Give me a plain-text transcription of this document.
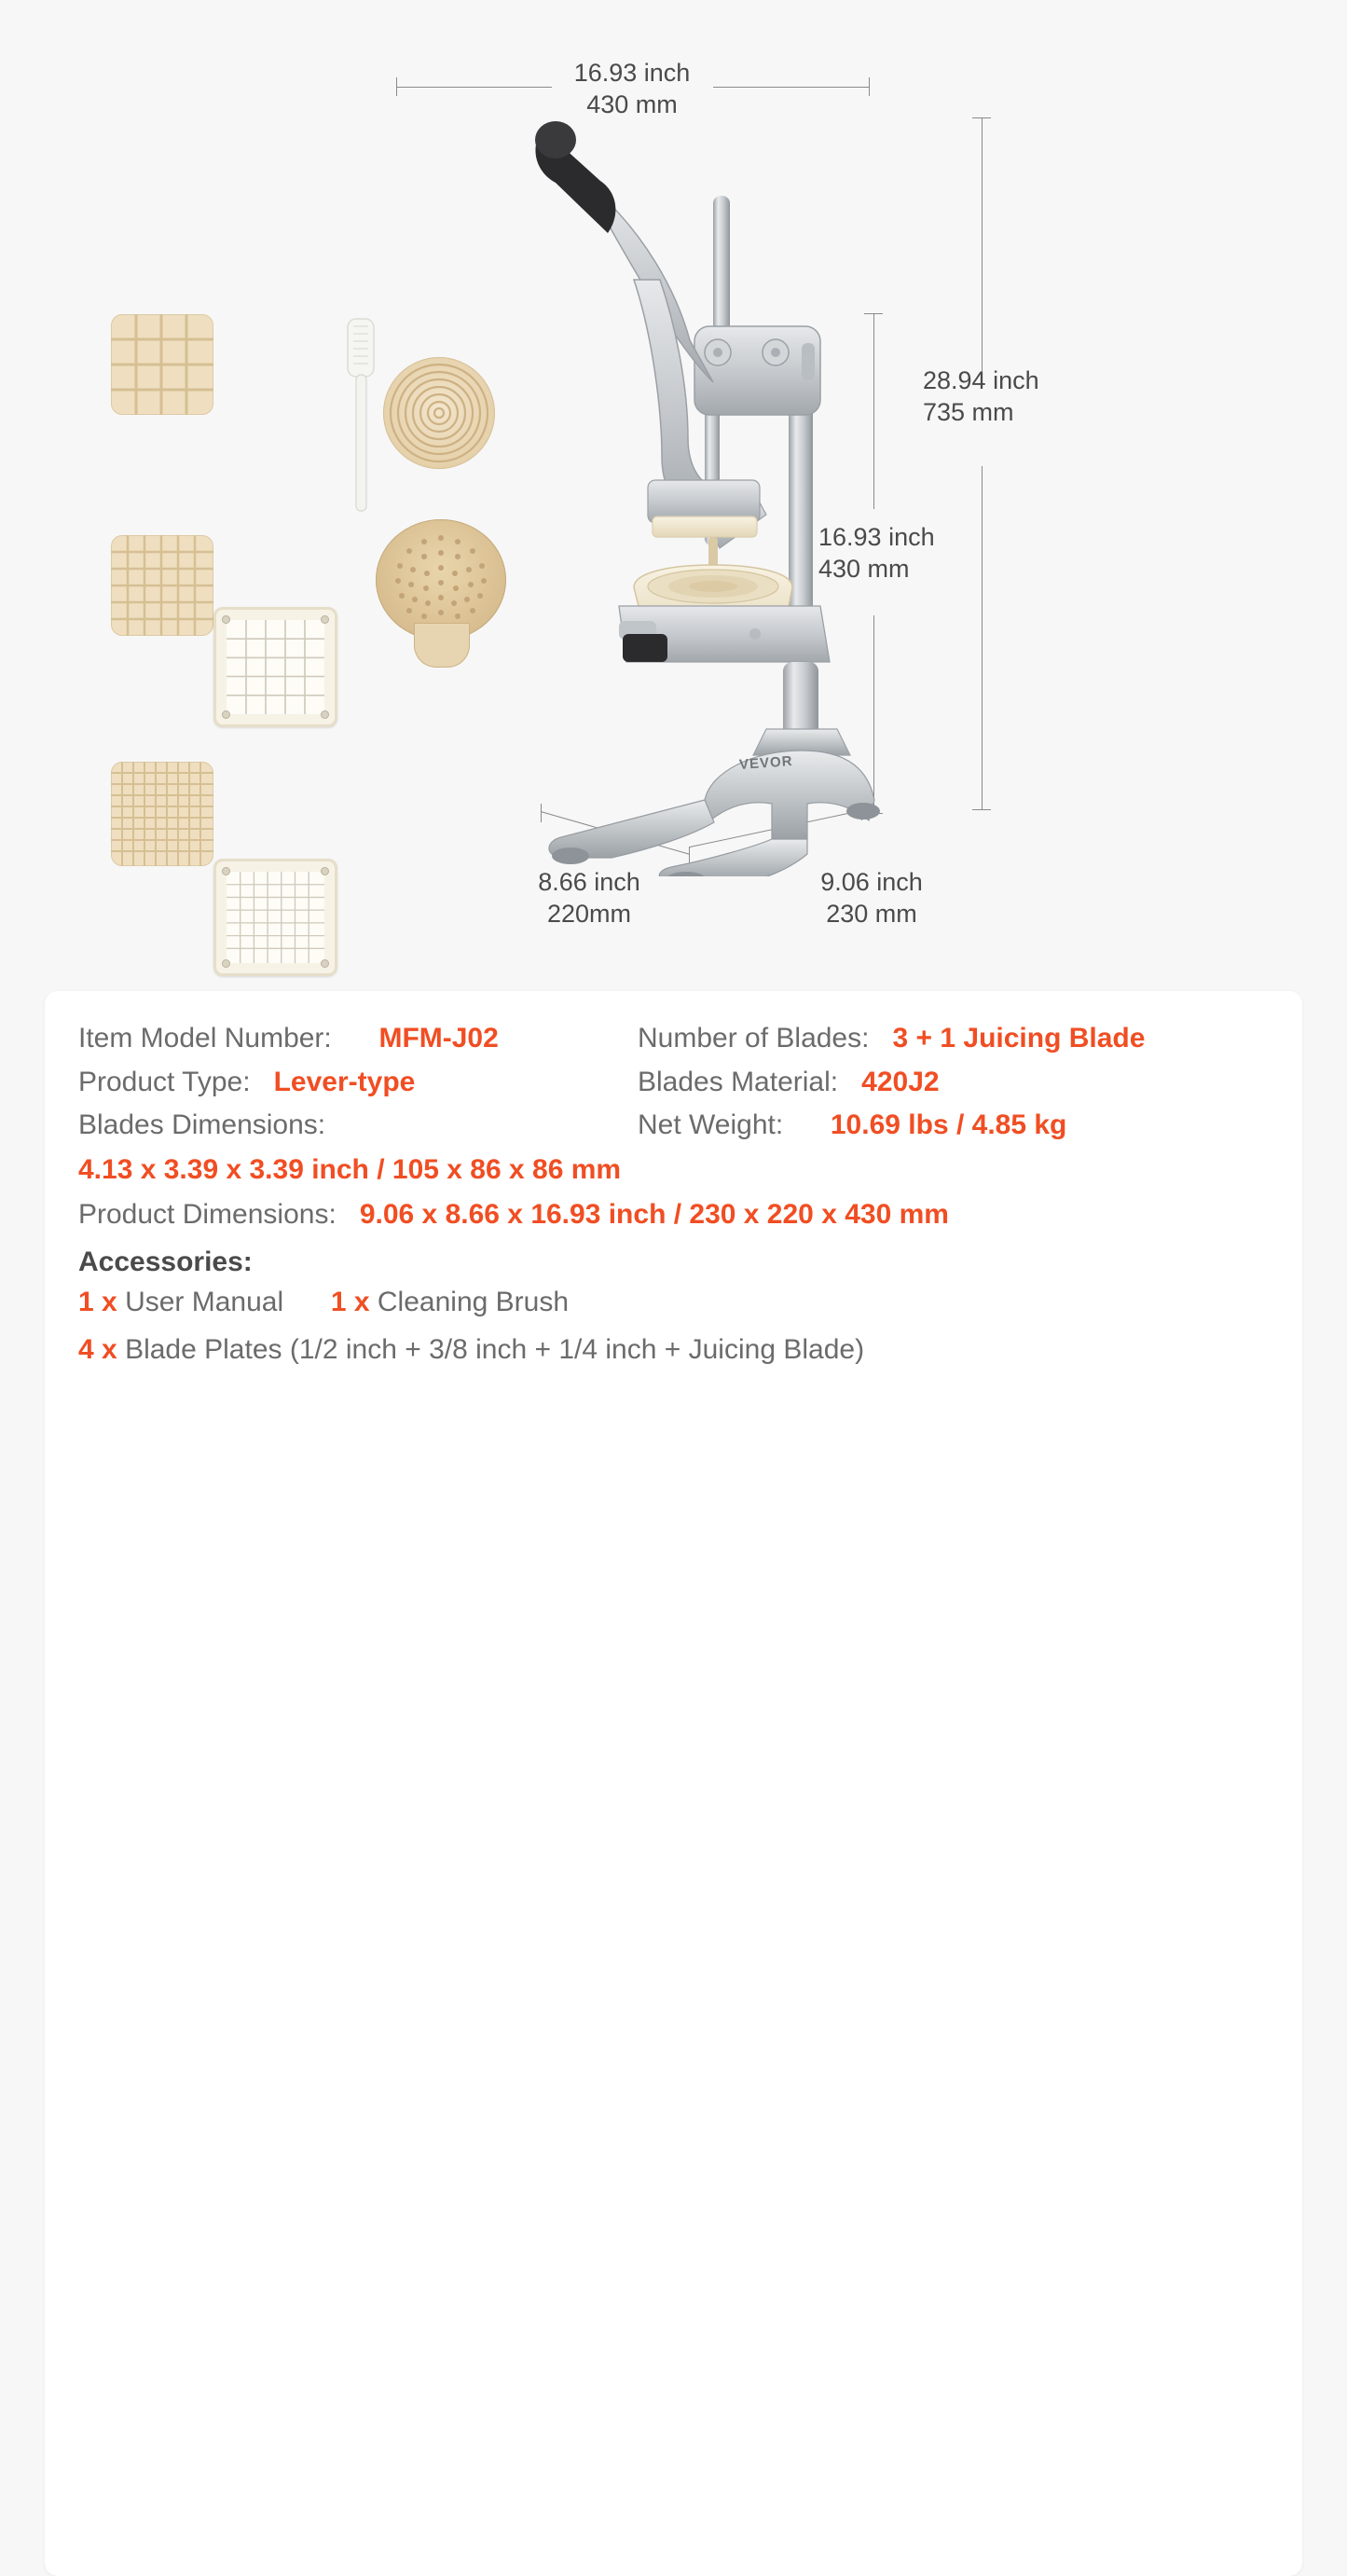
16.93 inch
430 mm
28.94 inch
735 mm
16.93 inch
430 mm
8.66 inch
220mm
9.06 inch
230 mm
VEVOR
Item Model Number: MFM-J02	Number of Blades: 3 + 1 Juicing Blade
Product Type: Lever-type	Blades Material: 420J2
Blades Dimensions:	Net Weight: 10.69 lbs / 4.85 kg
4.13 x 3.39 x 3.39 inch / 105 x 86 x 86 mm
Product Dimensions: 9.06 x 8.66 x 16.93 inch / 230 x 220 x 430 mm
Accessories:
1 x User Manual 1 x Cleaning Brush
4 x Blade Plates (1/2 inch + 3/8 inch + 1/4 inch + Juicing Blade)
